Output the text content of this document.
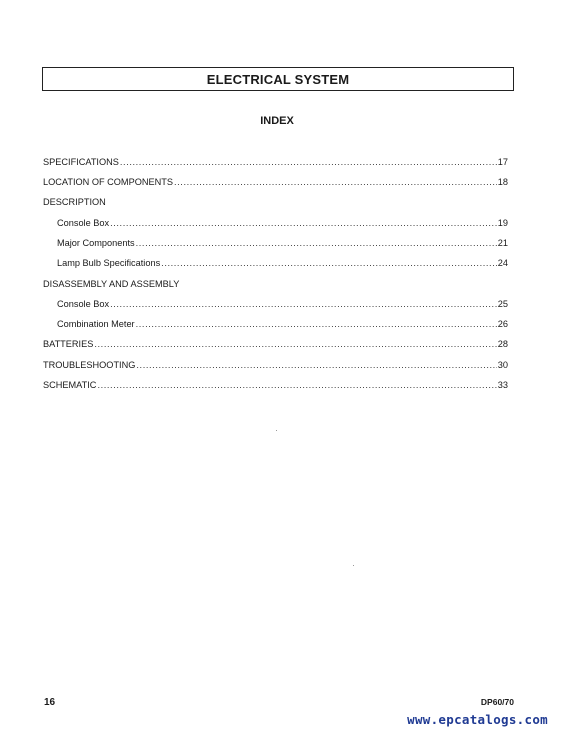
ELECTRICAL SYSTEM
INDEX
SPECIFICATIONS .....	17
LOCATION OF COMPONENTS .....	18
DESCRIPTION
Console Box .....	19
Major Components .....	21
Lamp Bulb Specifications .....	24
DISASSEMBLY AND ASSEMBLY
Console Box .....	25
Combination Meter .....	26
BATTERIES .....	28
TROUBLESHOOTING .....	30
SCHEMATIC .....	33
16	DP60/70
www.epcatalogs.com
